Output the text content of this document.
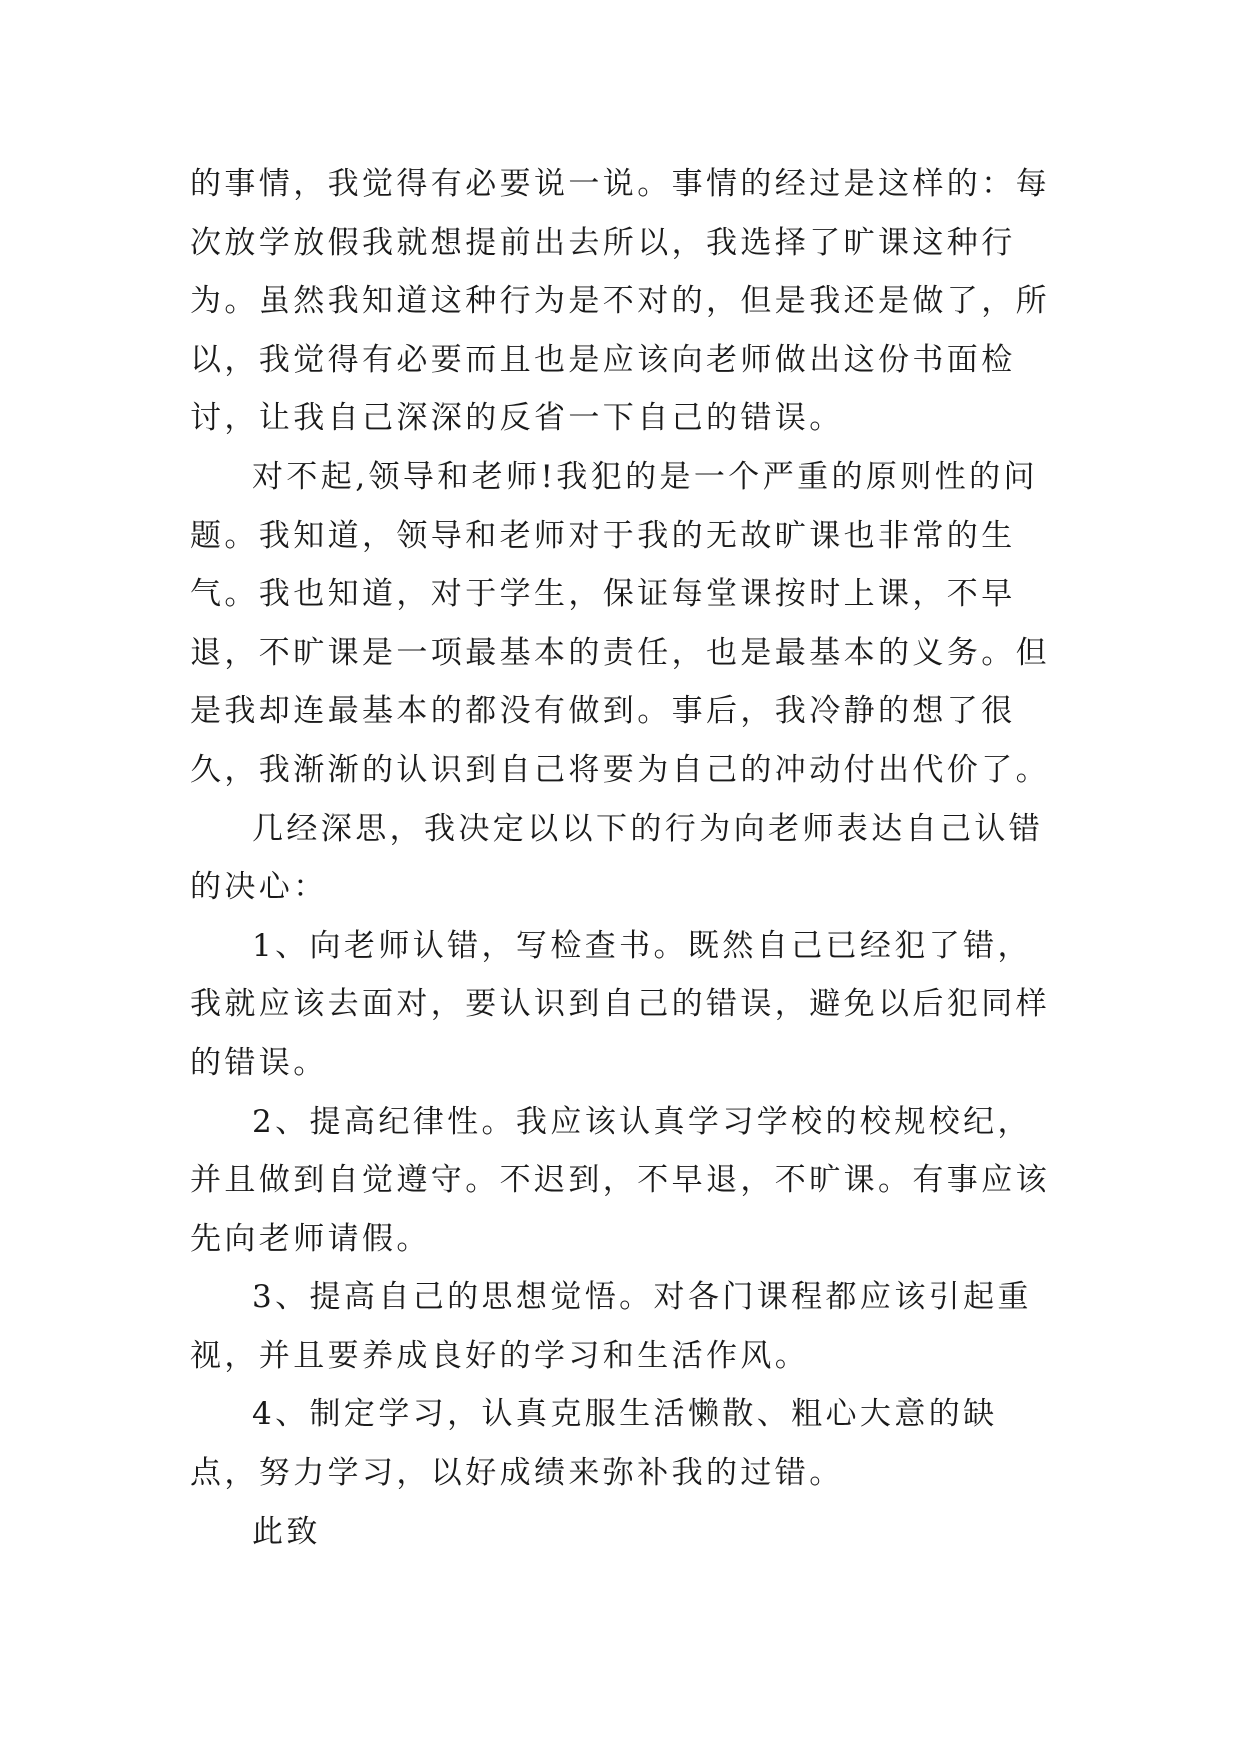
的事情，我觉得有必要说一说。事情的经过是这样的：每次放学放假我就想提前出去所以，我选择了旷课这种行为。虽然我知道这种行为是不对的，但是我还是做了，所以，我觉得有必要而且也是应该向老师做出这份书面检讨，让我自己深深的反省一下自己的错误。

对不起,领导和老师!我犯的是一个严重的原则性的问题。我知道，领导和老师对于我的无故旷课也非常的生气。我也知道，对于学生，保证每堂课按时上课，不早退，不旷课是一项最基本的责任，也是最基本的义务。但是我却连最基本的都没有做到。事后，我冷静的想了很久，我渐渐的认识到自己将要为自己的冲动付出代价了。

几经深思，我决定以以下的行为向老师表达自己认错的决心：

1、向老师认错，写检查书。既然自己已经犯了错，我就应该去面对，要认识到自己的错误，避免以后犯同样的错误。

2、提高纪律性。我应该认真学习学校的校规校纪，并且做到自觉遵守。不迟到，不早退，不旷课。有事应该先向老师请假。

3、提高自己的思想觉悟。对各门课程都应该引起重视，并且要养成良好的学习和生活作风。

4、制定学习，认真克服生活懒散、粗心大意的缺点，努力学习，以好成绩来弥补我的过错。

此致
